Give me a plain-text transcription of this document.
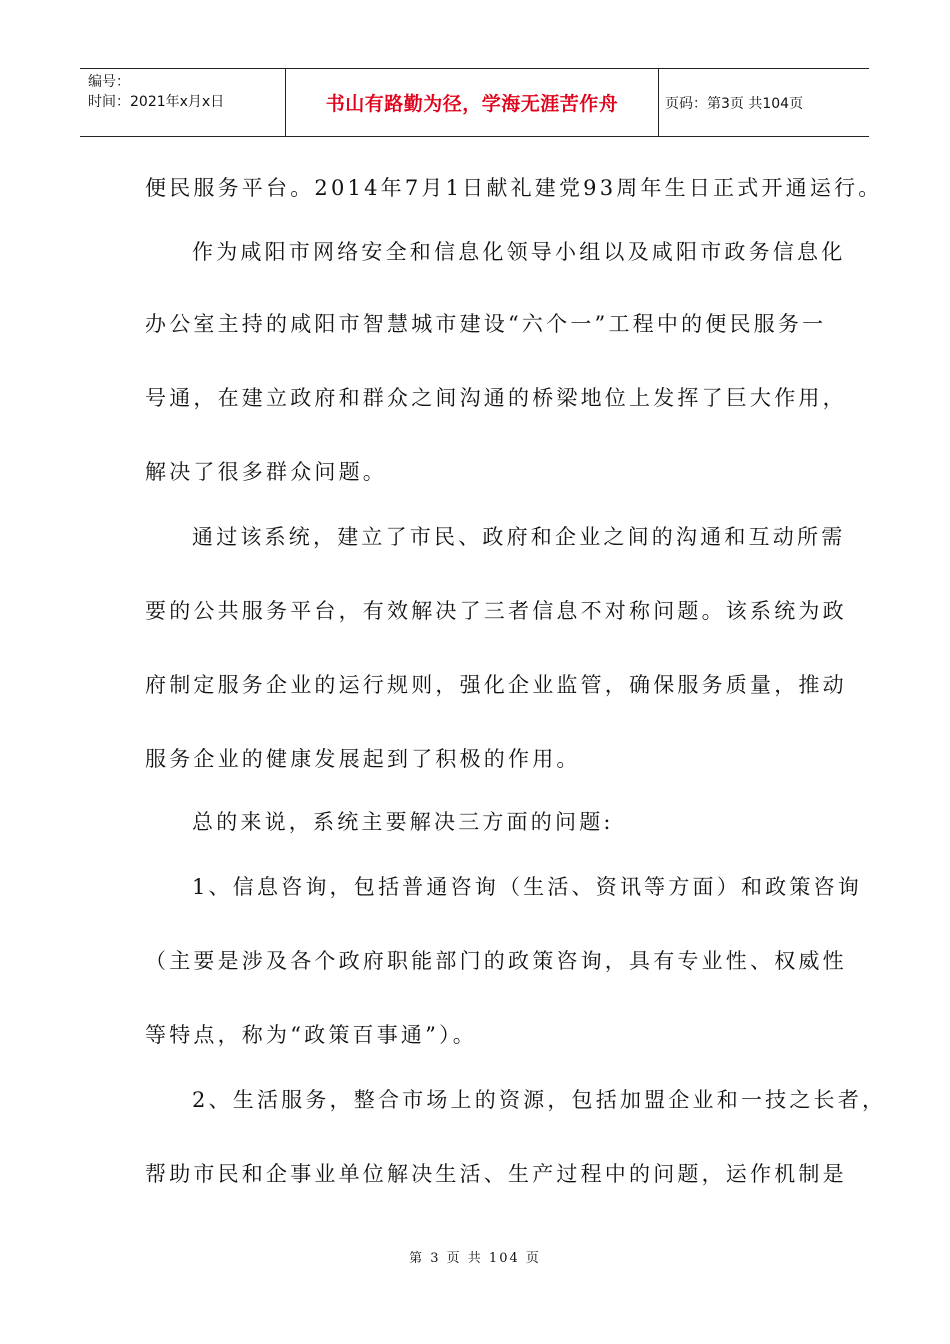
编号：
时间：2021年x月x日	书山有路勤为径，学海无涯苦作舟	页码：第3页 共104页
便民服务平台。2014年7月1日献礼建党93周年生日正式开通运行。
作为咸阳市网络安全和信息化领导小组以及咸阳市政务信息化
办公室主持的咸阳市智慧城市建设“六个一”工程中的便民服务一
号通，在建立政府和群众之间沟通的桥梁地位上发挥了巨大作用，
解决了很多群众问题。
通过该系统，建立了市民、政府和企业之间的沟通和互动所需
要的公共服务平台，有效解决了三者信息不对称问题。该系统为政
府制定服务企业的运行规则，强化企业监管，确保服务质量，推动
服务企业的健康发展起到了积极的作用。
总的来说，系统主要解决三方面的问题:
1、信息咨询，包括普通咨询（生活、资讯等方面）和政策咨询
（主要是涉及各个政府职能部门的政策咨询，具有专业性、权威性
等特点，称为“政策百事通”）。
2、生活服务，整合市场上的资源，包括加盟企业和一技之长者，
帮助市民和企事业单位解决生活、生产过程中的问题，运作机制是
第 3 页 共 104 页
